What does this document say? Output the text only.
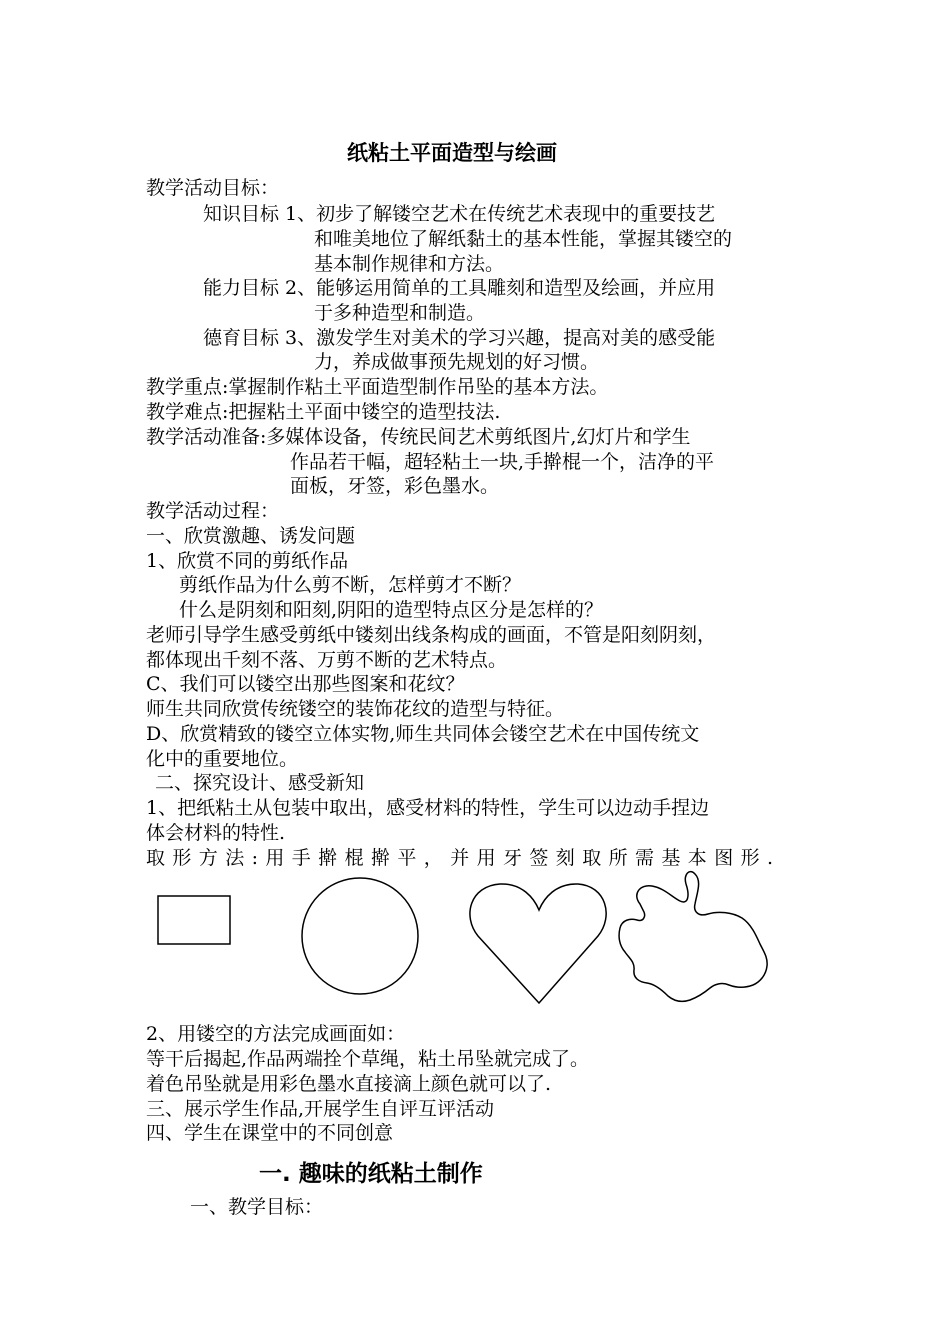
纸粘土平面造型与绘画
教学活动目标：
知识目标 1、初步了解镂空艺术在传统艺术表现中的重要技艺
和唯美地位了解纸黏土的基本性能，掌握其镂空的
基本制作规律和方法。
能力目标 2、能够运用简单的工具雕刻和造型及绘画，并应用
于多种造型和制造。
德育目标 3、激发学生对美术的学习兴趣，提高对美的感受能
力，养成做事预先规划的好习惯。
教学重点:掌握制作粘土平面造型制作吊坠的基本方法。
教学难点:把握粘土平面中镂空的造型技法.
教学活动准备:多媒体设备，传统民间艺术剪纸图片,幻灯片和学生
作品若干幅，超轻粘土一块,手擀棍一个，洁净的平
面板，牙签，彩色墨水。
教学活动过程：
一、欣赏激趣、诱发问题
1、欣赏不同的剪纸作品
剪纸作品为什么剪不断，怎样剪才不断？
什么是阴刻和阳刻,阴阳的造型特点区分是怎样的？
老师引导学生感受剪纸中镂刻出线条构成的画面，不管是阳刻阴刻，
都体现出千刻不落、万剪不断的艺术特点。
C、我们可以镂空出那些图案和花纹？
师生共同欣赏传统镂空的装饰花纹的造型与特征。
D、欣赏精致的镂空立体实物,师生共同体会镂空艺术在中国传统文
化中的重要地位。
二、探究设计、感受新知
1、把纸粘土从包装中取出，感受材料的特性，学生可以边动手捏边
体会材料的特性.
取形方法:用手擀棍擀平，并用牙签刻取所需基本图形.
2、用镂空的方法完成画面如：
等干后揭起,作品两端拴个草绳，粘土吊坠就完成了。
着色吊坠就是用彩色墨水直接滴上颜色就可以了.
三、展示学生作品,开展学生自评互评活动
四、学生在课堂中的不同创意
一. 趣味的纸粘土制作
一、教学目标：
